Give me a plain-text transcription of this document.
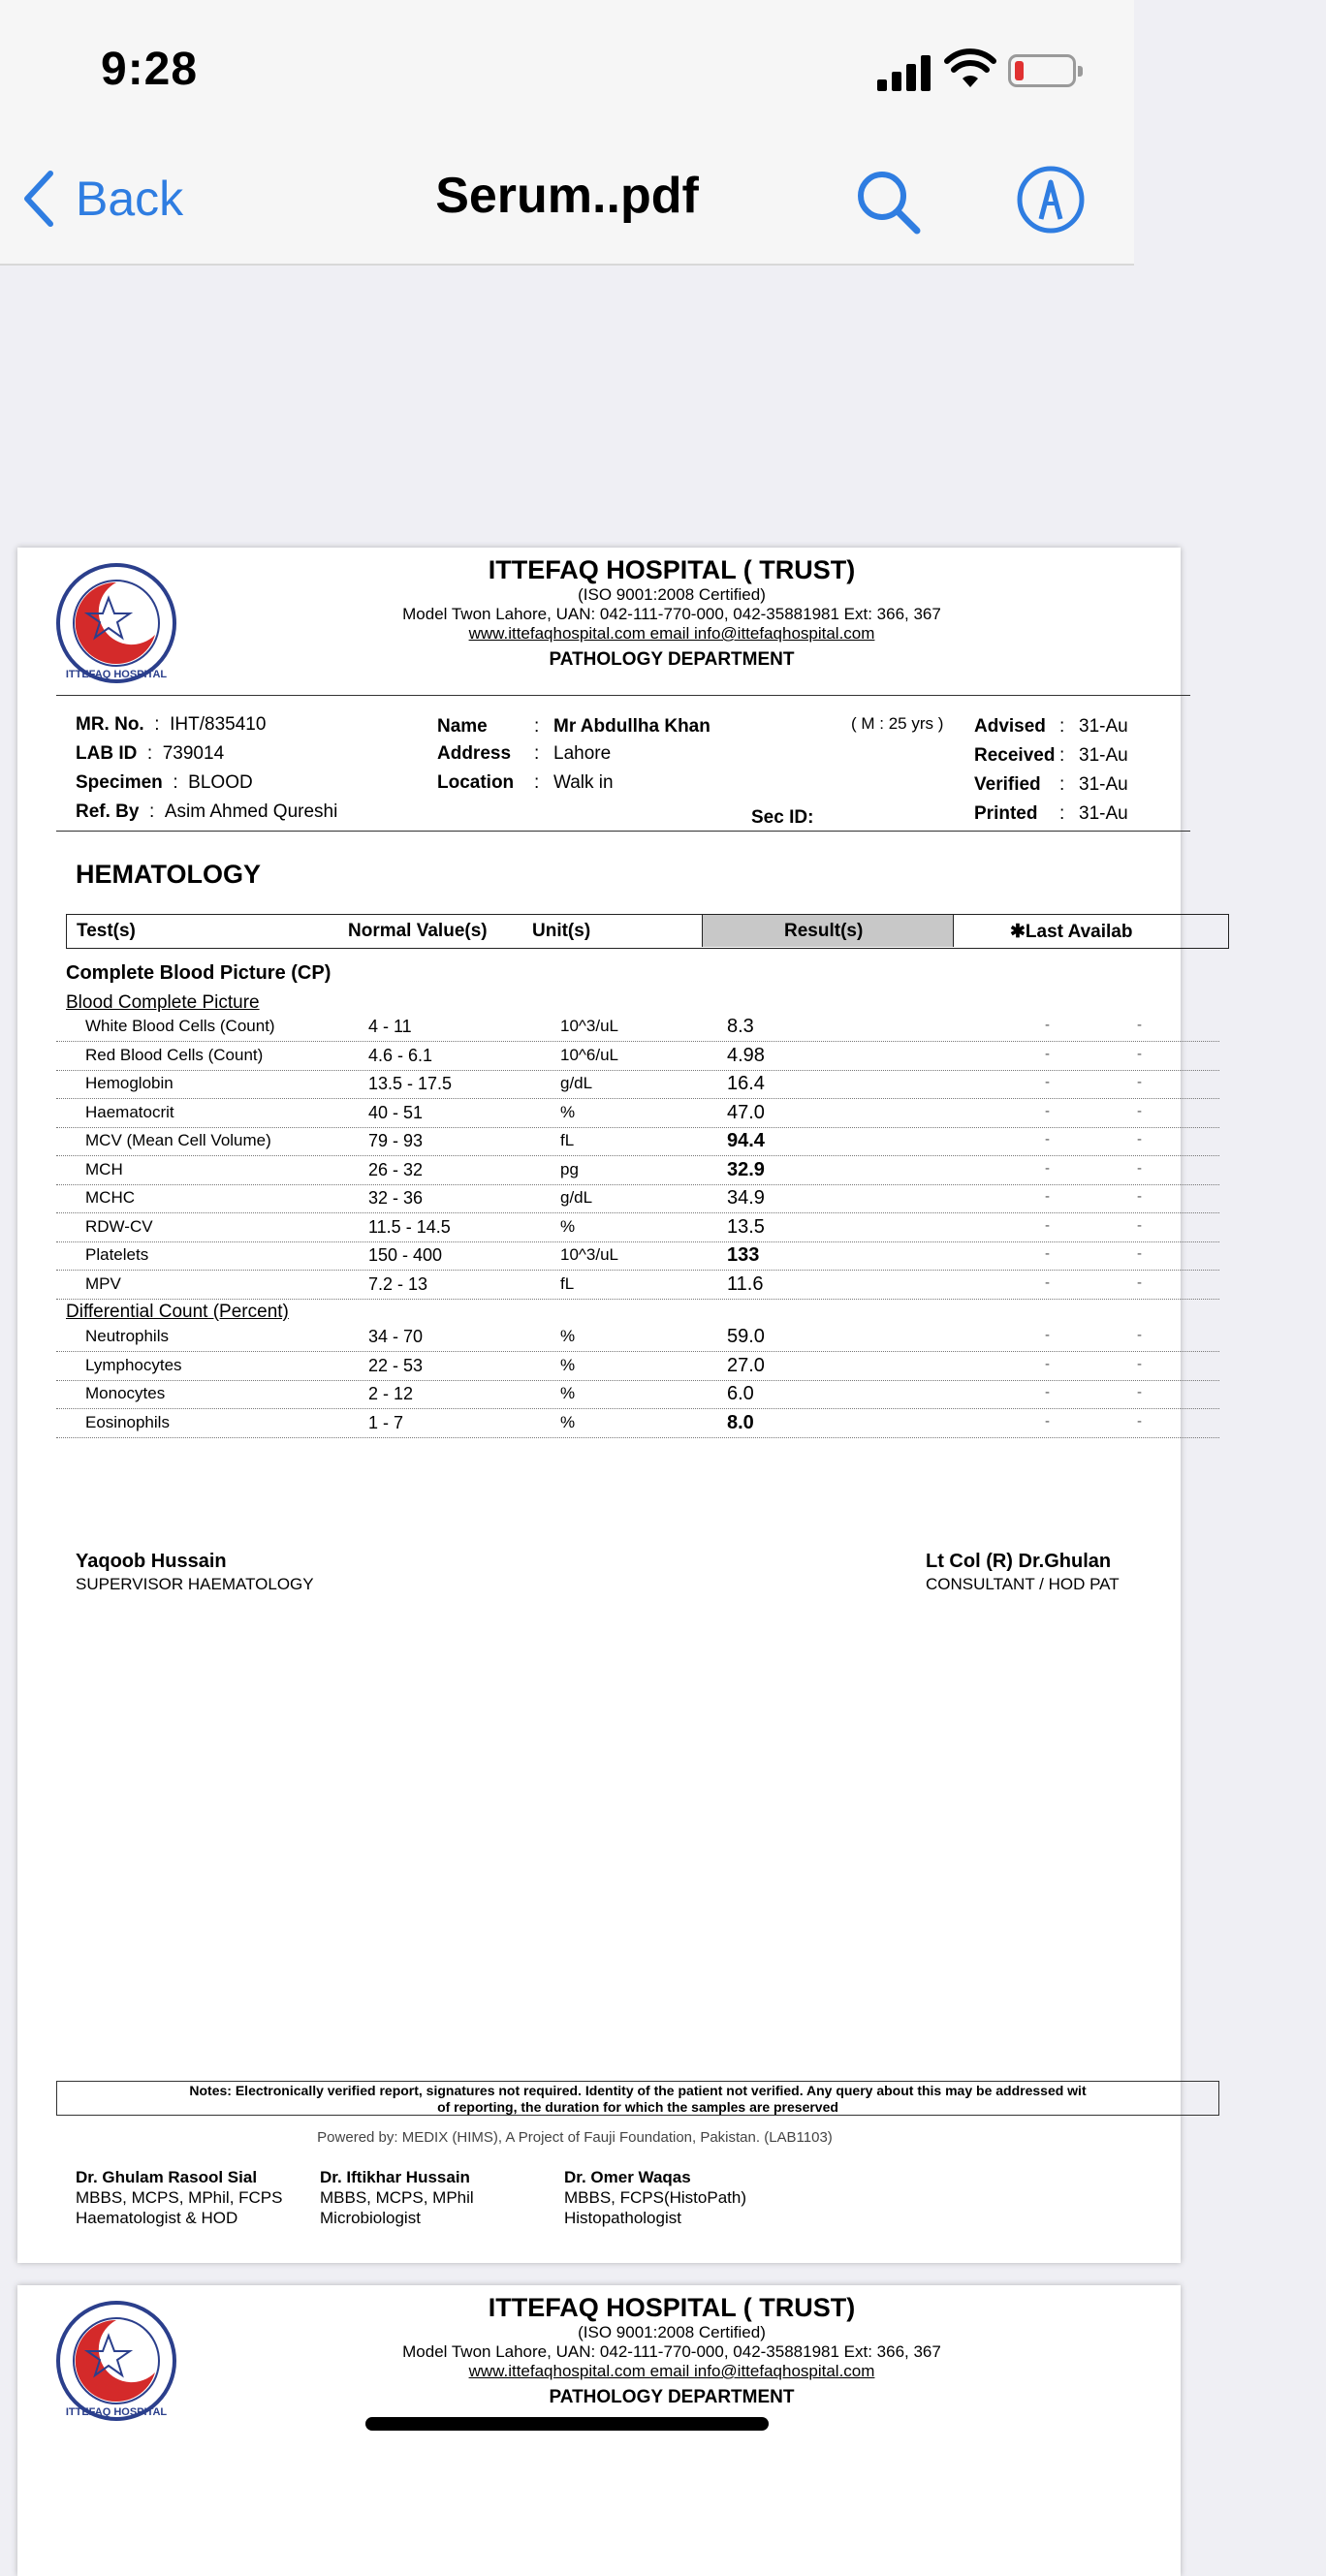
9:28
Back	Serum..pdf
ITTEFAQ HOSPITAL
ITTEFAQ HOSPITAL ( TRUST)
(ISO 9001:2008 Certified)
Model Twon Lahore, UAN: 042-111-770-000, 042-35881981 Ext: 366, 367
www.ittefaqhospital.com email info@ittefaqhospital.com
PATHOLOGY DEPARTMENT
MR. No.  :  IHT/835410
LAB ID  :  739014
Specimen  :  BLOOD
Ref. By  :  Asim Ahmed Qureshi
Name	: Mr Abdullha Khan
Address : Lahore
Location : Walk in
( M : 25 yrs )
Sec ID:
Advised : 31-Au
Received : 31-Au
Verified : 31-Au
Printed : 31-Au
HEMATOLOGY
Test(s)	Normal Value(s) Unit(s)	Result(s)	✱Last Availab
Complete Blood Picture (CP)
Blood Complete Picture
White Blood Cells (Count)	4 - 11	10^3/uL	8.3	-	-
Red Blood Cells (Count)	4.6 - 6.1	10^6/uL	4.98	-	-
Hemoglobin	13.5 - 17.5	g/dL	16.4	-	-
Haematocrit	40 - 51	%	47.0	-	-
MCV (Mean Cell Volume)	79 - 93	fL	94.4	-	-
MCH	26 - 32	pg	32.9	-	-
MCHC	32 - 36	g/dL	34.9	-	-
RDW-CV	11.5 - 14.5	%	13.5	-	-
Platelets	150 - 400	10^3/uL	133	-	-
MPV	7.2 - 13	fL	11.6	-	-
Differential Count (Percent)
Neutrophils	34 - 70	%	59.0	-	-
Lymphocytes	22 - 53	%	27.0	-	-
Monocytes	2 - 12	%	6.0	-	-
Eosinophils	1 - 7	%	8.0	-	-
Yaqoob Hussain
SUPERVISOR HAEMATOLOGY
Lt Col (R) Dr.Ghulan
CONSULTANT / HOD PAT
Notes: Electronically verified report, signatures not required. Identity of the patient not verified. Any query about this may be addressed wit
of reporting, the duration for which the samples are preserved
Powered by: MEDIX (HIMS), A Project of Fauji Foundation, Pakistan. (LAB1103)
Dr. Ghulam Rasool Sial
MBBS, MCPS, MPhil, FCPS
Haematologist & HOD
Dr. Iftikhar Hussain
MBBS, MCPS, MPhil
Microbiologist
Dr. Omer Waqas
MBBS, FCPS(HistoPath)
Histopathologist
ITTEFAQ HOSPITAL
ITTEFAQ HOSPITAL ( TRUST)
(ISO 9001:2008 Certified)
Model Twon Lahore, UAN: 042-111-770-000, 042-35881981 Ext: 366, 367
www.ittefaqhospital.com email info@ittefaqhospital.com
PATHOLOGY DEPARTMENT
